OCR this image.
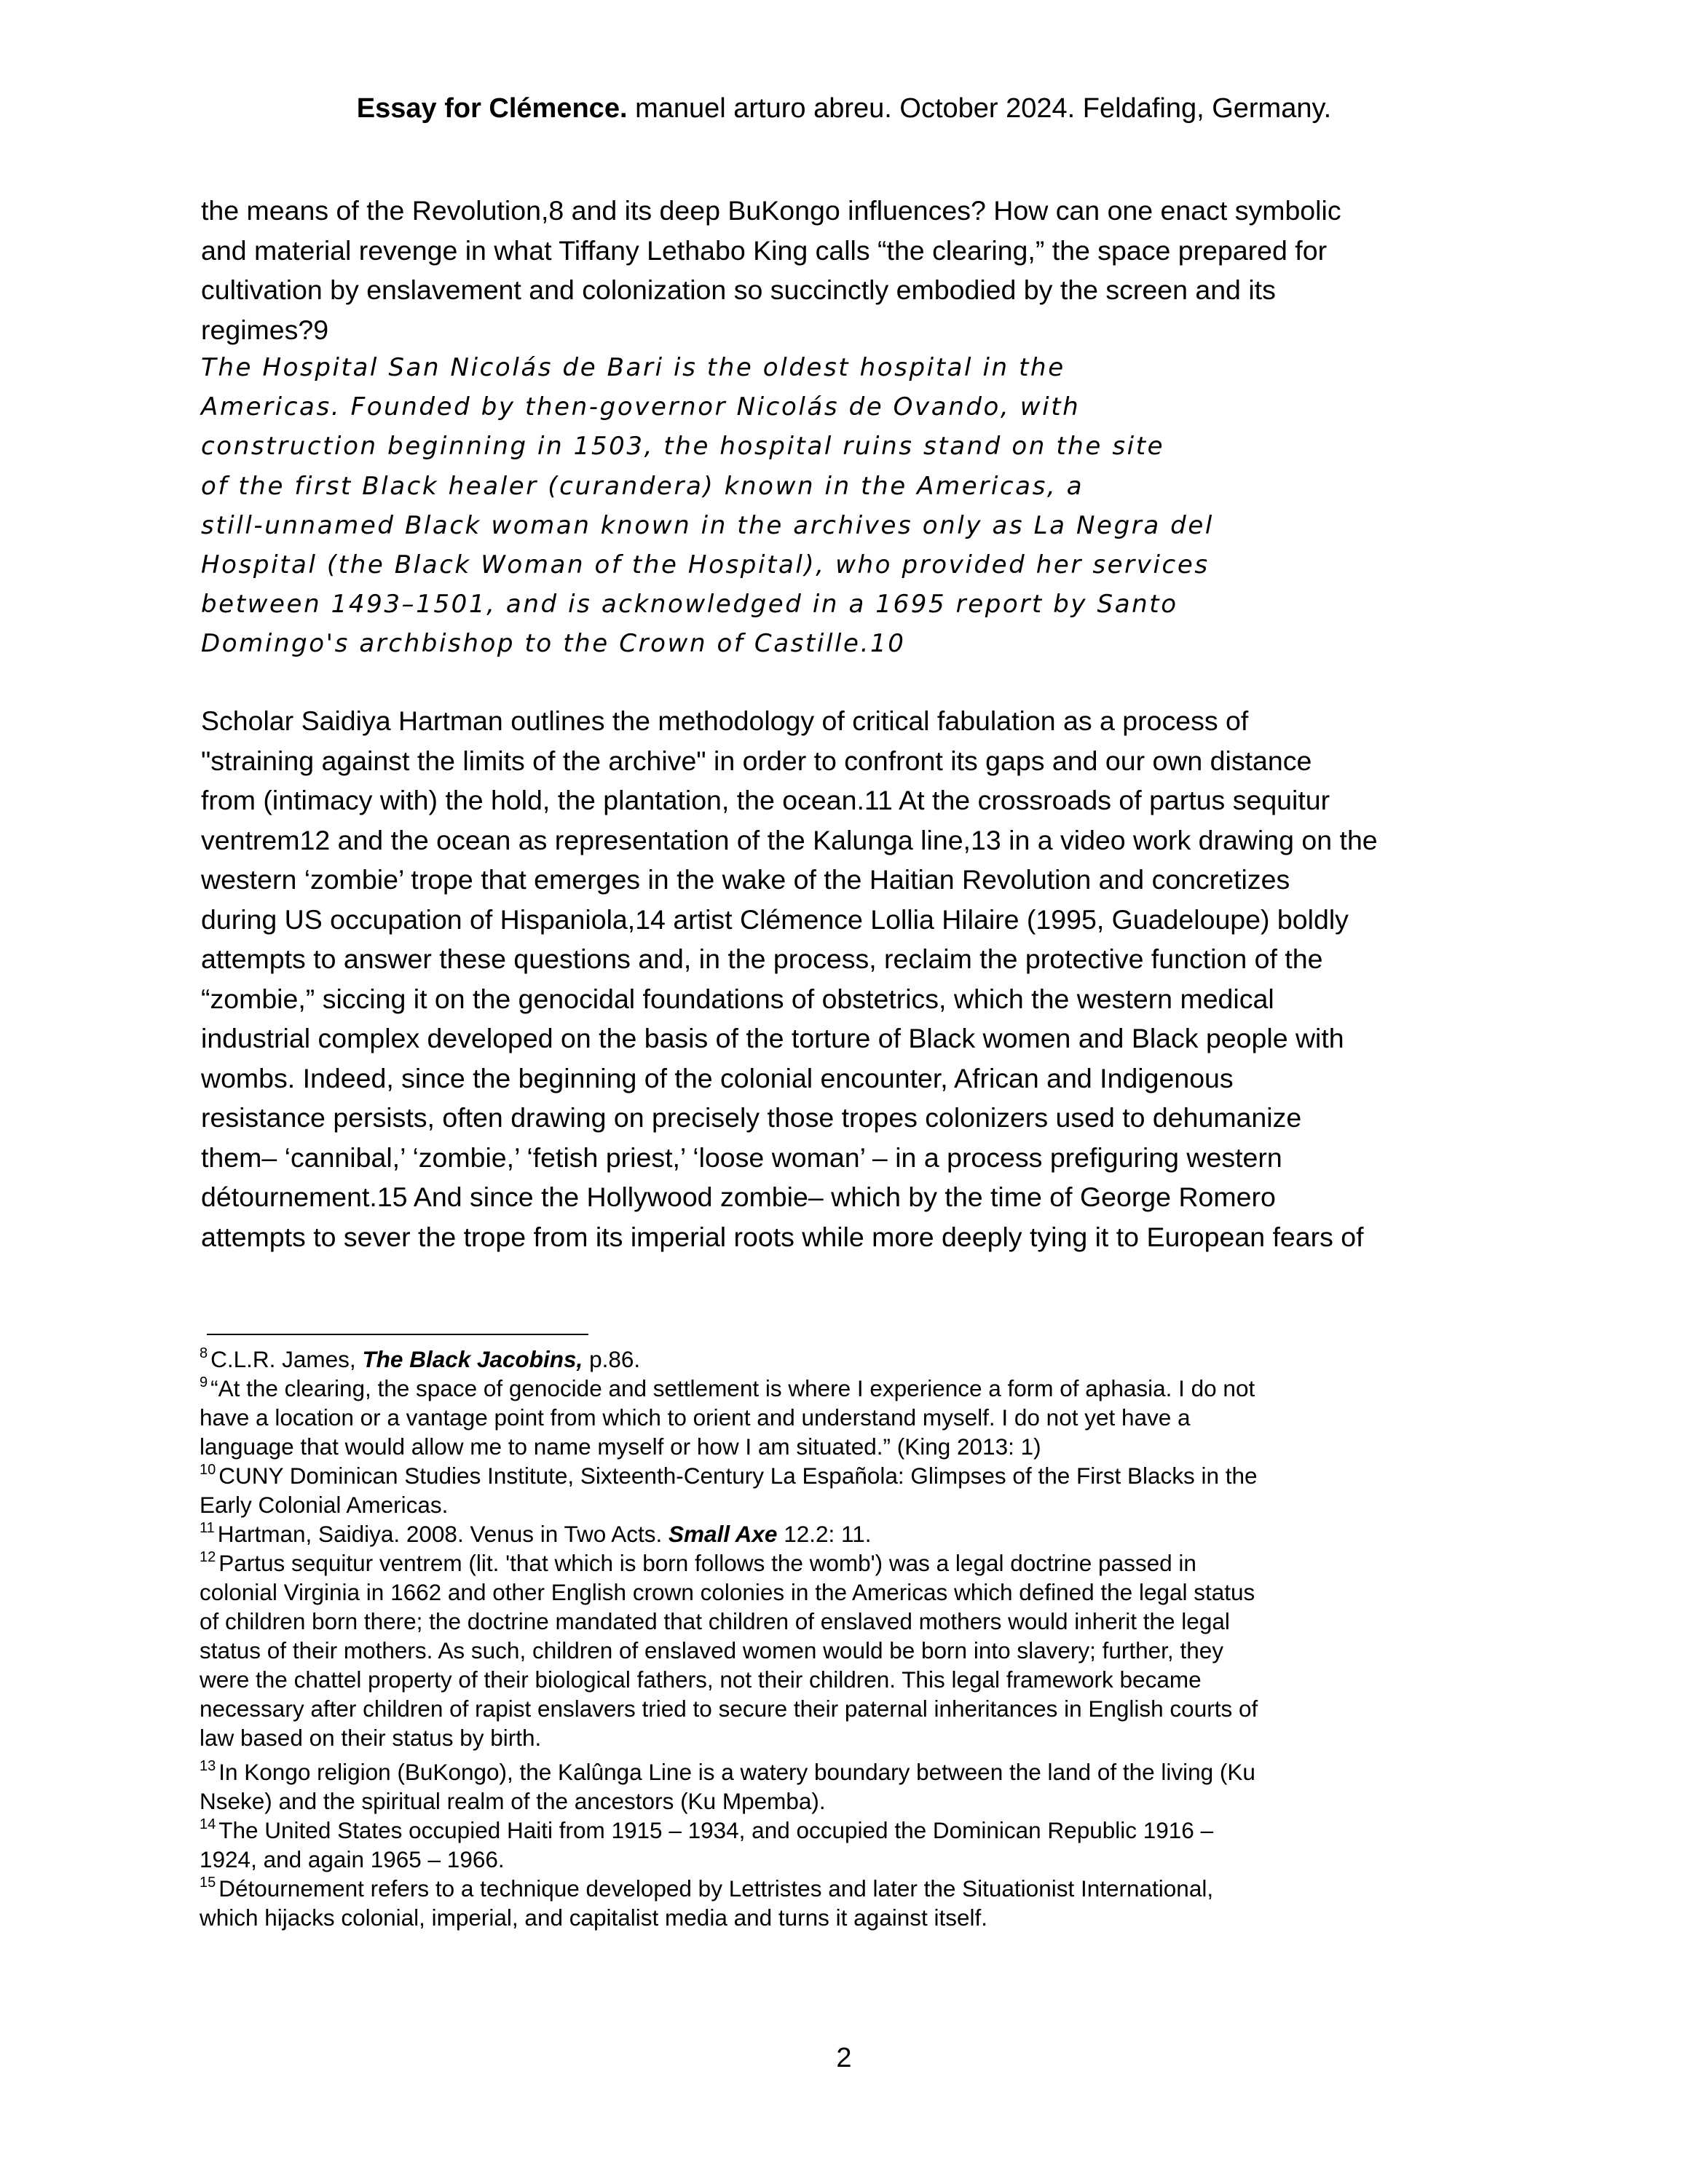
Essay for Clémence. manuel arturo abreu. October 2024. Feldafing, Germany.
the means of the Revolution,8 and its deep BuKongo influences? How can one enact symbolic
and material revenge in what Tiffany Lethabo King calls “the clearing,” the space prepared for
cultivation by enslavement and colonization so succinctly embodied by the screen and its
regimes?9
The Hospital San Nicolás de Bari is the oldest hospital in the
Americas. Founded by then-governor Nicolás de Ovando, with
construction beginning in 1503, the hospital ruins stand on the site
of the first Black healer (curandera) known in the Americas, a
still-unnamed Black woman known in the archives only as La Negra del
Hospital (the Black Woman of the Hospital), who provided her services
between 1493–1501, and is acknowledged in a 1695 report by Santo
Domingo's archbishop to the Crown of Castille.10
Scholar Saidiya Hartman outlines the methodology of critical fabulation as a process of
"straining against the limits of the archive" in order to confront its gaps and our own distance
from (intimacy with) the hold, the plantation, the ocean.11 At the crossroads of partus sequitur
ventrem12 and the ocean as representation of the Kalunga line,13 in a video work drawing on the
western ‘zombie’ trope that emerges in the wake of the Haitian Revolution and concretizes
during US occupation of Hispaniola,14 artist Clémence Lollia Hilaire (1995, Guadeloupe) boldly
attempts to answer these questions and, in the process, reclaim the protective function of the
“zombie,” siccing it on the genocidal foundations of obstetrics, which the western medical
industrial complex developed on the basis of the torture of Black women and Black people with
wombs. Indeed, since the beginning of the colonial encounter, African and Indigenous
resistance persists, often drawing on precisely those tropes colonizers used to dehumanize
them– ‘cannibal,’ ‘zombie,’ ‘fetish priest,’ ‘loose woman’ – in a process prefiguring western
détournement.15 And since the Hollywood zombie– which by the time of George Romero
attempts to sever the trope from its imperial roots while more deeply tying it to European fears of
$^8$ C.L.R. James, The Black Jacobins, p.86.
$^9$ “At the clearing, the space of genocide and settlement is where I experience a form of aphasia. I do not
have a location or a vantage point from which to orient and understand myself. I do not yet have a
language that would allow me to name myself or how I am situated.” (King 2013: 1)
$^{10}$ CUNY Dominican Studies Institute, Sixteenth-Century La Española: Glimpses of the First Blacks in the
Early Colonial Americas.
$^{11}$ Hartman, Saidiya. 2008. Venus in Two Acts. Small Axe 12.2: 11.
$^{12}$ Partus sequitur ventrem (lit. 'that which is born follows the womb') was a legal doctrine passed in
colonial Virginia in 1662 and other English crown colonies in the Americas which defined the legal status
of children born there; the doctrine mandated that children of enslaved mothers would inherit the legal
status of their mothers. As such, children of enslaved women would be born into slavery; further, they
were the chattel property of their biological fathers, not their children. This legal framework became
necessary after children of rapist enslavers tried to secure their paternal inheritances in English courts of
law based on their status by birth.
$^{13}$ In Kongo religion (BuKongo), the Kalûnga Line is a watery boundary between the land of the living (Ku
Nseke) and the spiritual realm of the ancestors (Ku Mpemba).
$^{14}$ The United States occupied Haiti from 1915 – 1934, and occupied the Dominican Republic 1916 –
1924, and again 1965 – 1966.
$^{15}$ Détournement refers to a technique developed by Lettristes and later the Situationist International,
which hijacks colonial, imperial, and capitalist media and turns it against itself.
2
